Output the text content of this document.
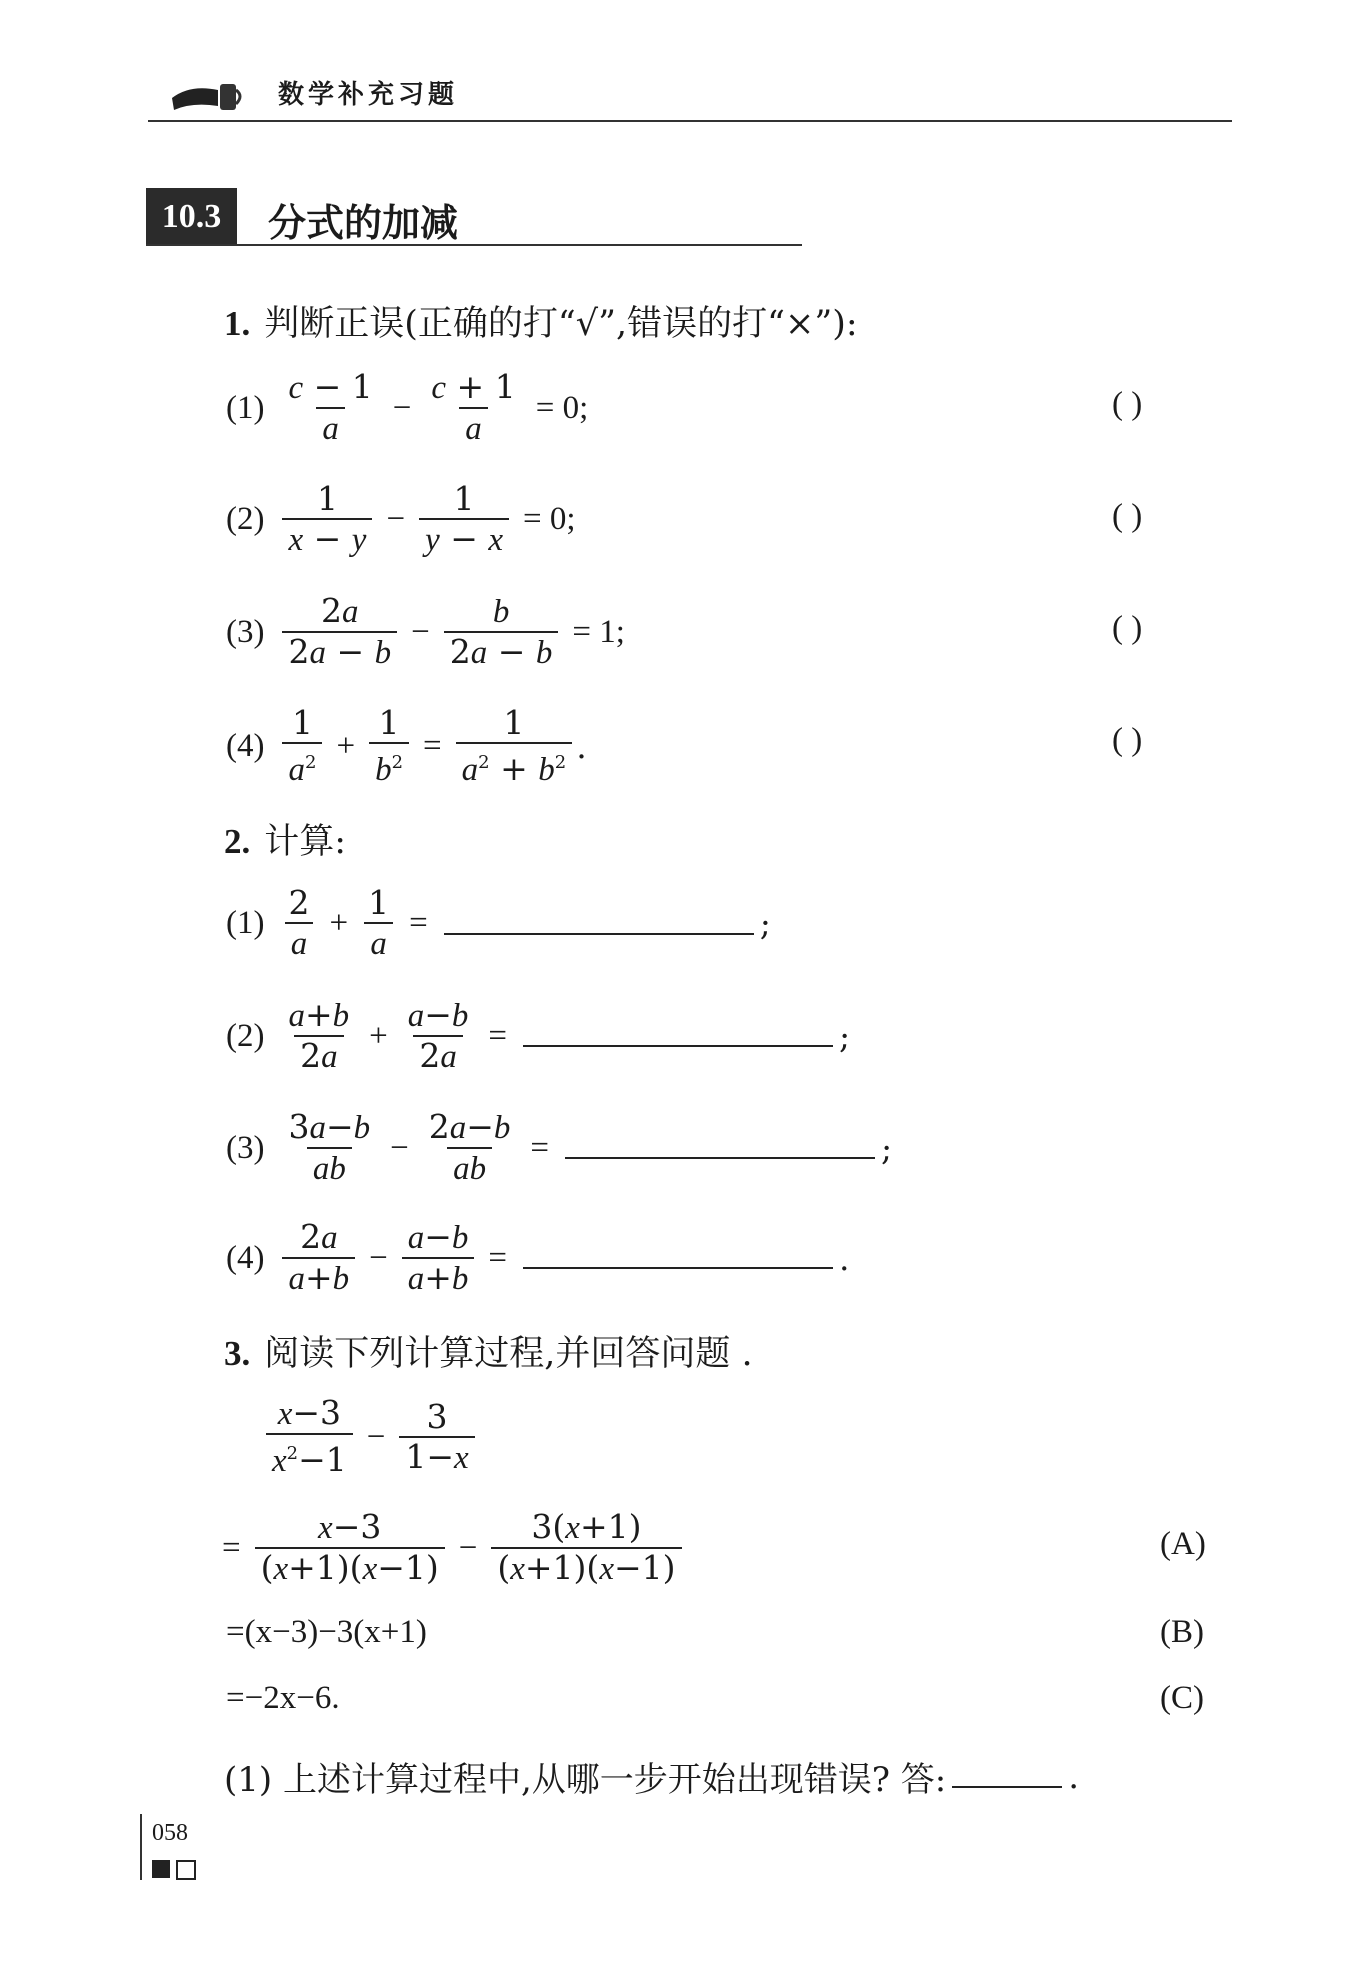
数学补充习题
10.3	分式的加减
1. 判断正误(正确的打“√”,错误的打“×”):
$(1) \frac{c - 1}{a} - \frac{c + 1}{a} = 0$;	( )
$(2) \frac{1}{x - y} - \frac{1}{y - x} = 0$;	( )
$(3) \frac{2a}{2a - b} - \frac{b}{2a - b} = 1$;	( )
$(4) \frac{1}{a^2} + \frac{1}{b^2} = \frac{1}{a^2 + b^2}$ .	( )
2. 计算:
$(1) \frac{2}{a} + \frac{1}{a}$ =	;
$(2) \frac{a+b}{2a} + \frac{a-b}{2a}$ =	;
$(3) \frac{3a-b}{ab} - \frac{2a-b}{ab}$ =	;
$(4) \frac{2a}{a+b} - \frac{a-b}{a+b}$ =	.
3. 阅读下列计算过程,并回答问题 .
$\frac{x-3}{x^2-1} - \frac{3}{1-x}$
= $\frac{x-3}{(x+1)(x-1)} - \frac{3(x+1)}{(x+1)(x-1)}$	(A)
=(x−3)−3(x+1)	(B)
=−2x−6.	(C)
(1) 上述计算过程中,从哪一步开始出现错误? 答:	.
058
